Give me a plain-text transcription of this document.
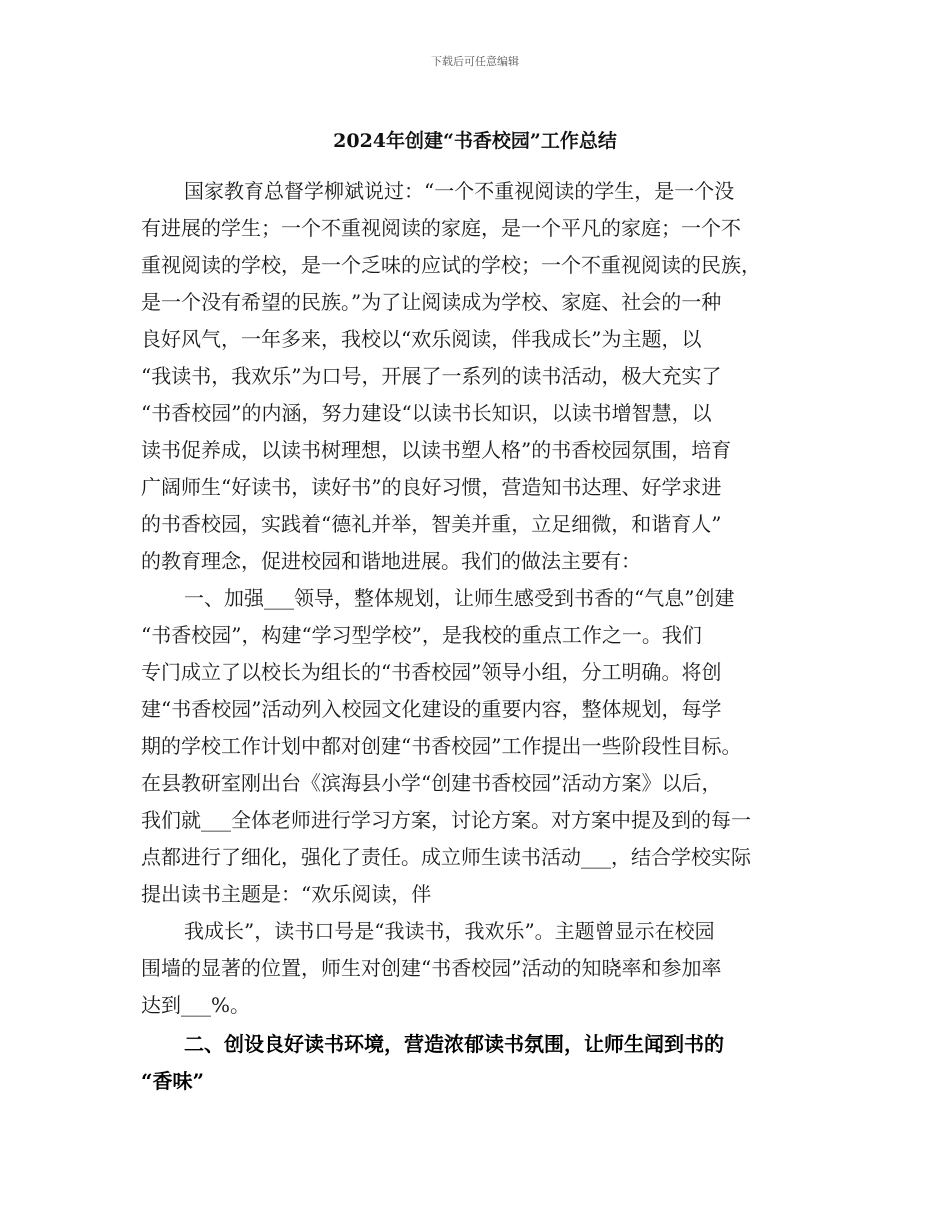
下载后可任意编辑
2024年创建“书香校园”工作总结
国家教育总督学柳斌说过：“一个不重视阅读的学生，是一个没
有进展的学生；一个不重视阅读的家庭，是一个平凡的家庭；一个不
重视阅读的学校，是一个乏味的应试的学校；一个不重视阅读的民族，
是一个没有希望的民族。”为了让阅读成为学校、家庭、社会的一种
良好风气，一年多来，我校以“欢乐阅读，伴我成长”为主题，以
“我读书，我欢乐”为口号，开展了一系列的读书活动，极大充实了
“书香校园”的内涵，努力建设“以读书长知识，以读书增智慧，以
读书促养成，以读书树理想，以读书塑人格”的书香校园氛围，培育
广阔师生“好读书，读好书”的良好习惯，营造知书达理、好学求进
的书香校园，实践着“德礼并举，智美并重，立足细微，和谐育人”
的教育理念，促进校园和谐地进展。我们的做法主要有：
一、加强___领导，整体规划，让师生感受到书香的“气息”创建
“书香校园”，构建“学习型学校”，是我校的重点工作之一。我们
专门成立了以校长为组长的“书香校园”领导小组，分工明确。将创
建“书香校园”活动列入校园文化建设的重要内容，整体规划，每学
期的学校工作计划中都对创建“书香校园”工作提出一些阶段性目标。
在县教研室刚出台《滨海县小学“创建书香校园”活动方案》以后，
我们就___全体老师进行学习方案，讨论方案。对方案中提及到的每一
点都进行了细化，强化了责任。成立师生读书活动___，结合学校实际
提出读书主题是：“欢乐阅读，伴
我成长”，读书口号是“我读书，我欢乐”。主题曾显示在校园
围墙的显著的位置，师生对创建“书香校园”活动的知晓率和参加率
达到___%。
二、创设良好读书环境，营造浓郁读书氛围，让师生闻到书的
“香味”
